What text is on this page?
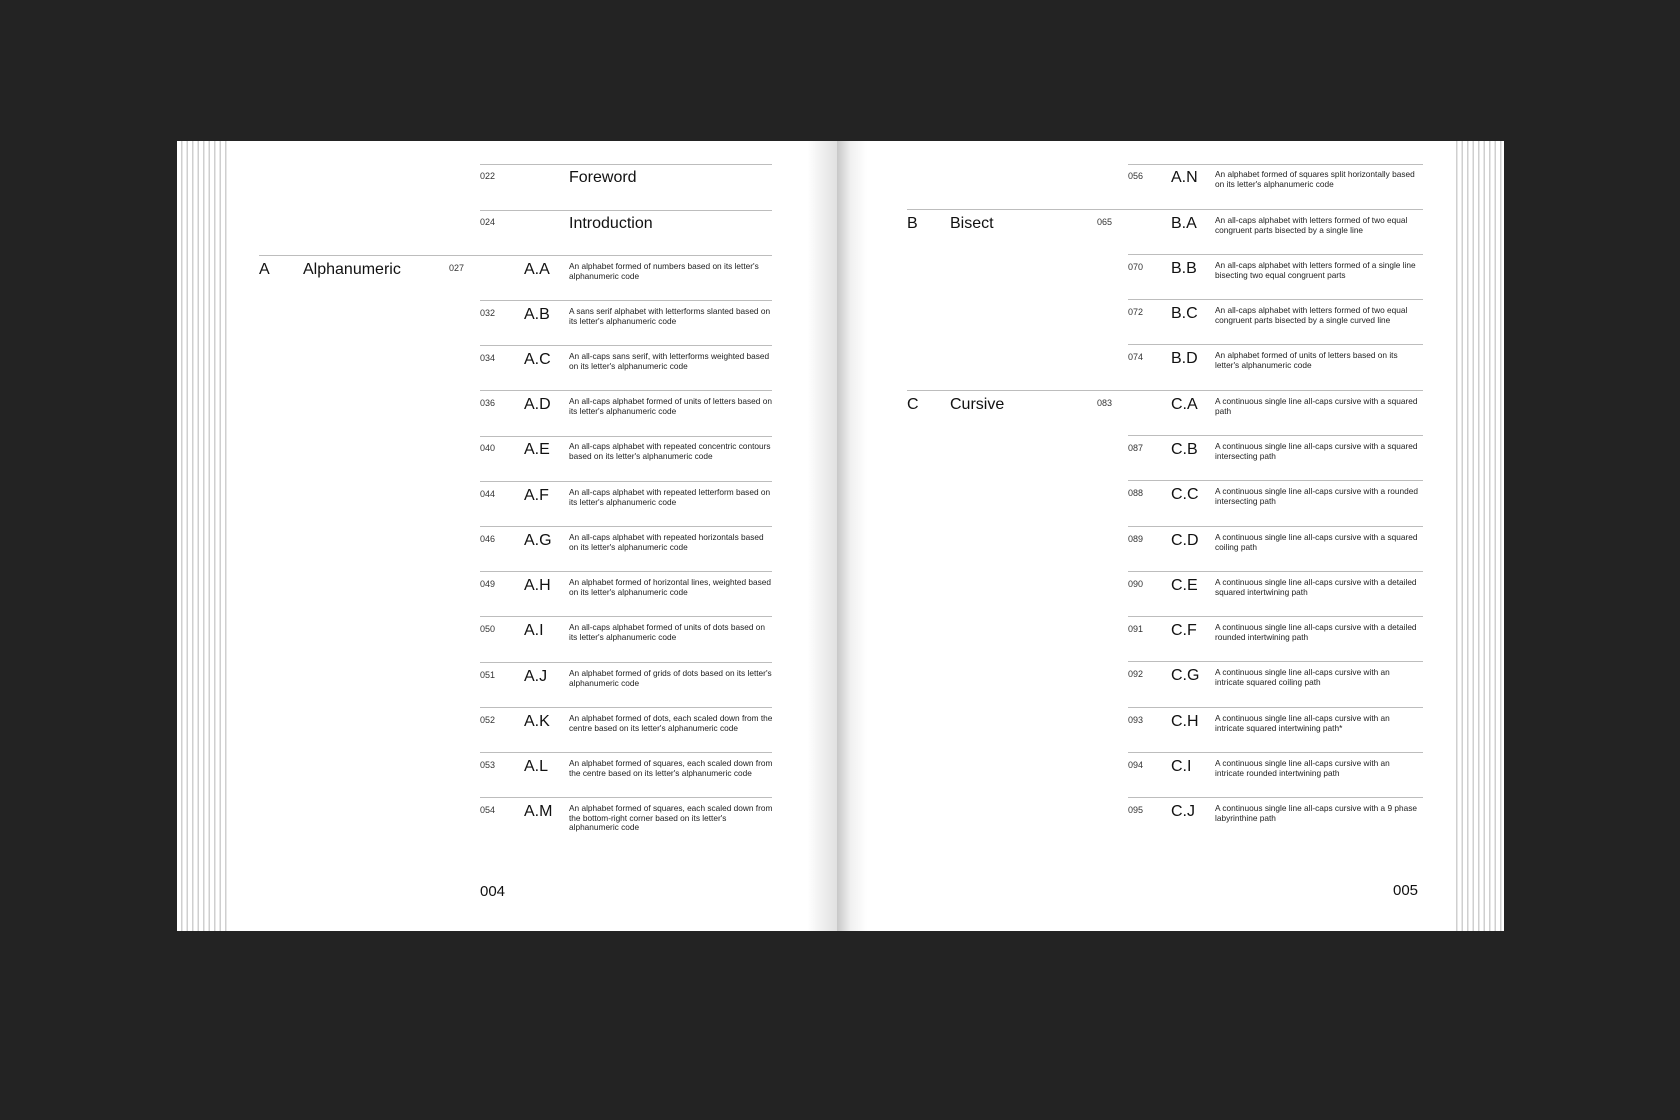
022	Foreword
024	Introduction
A Alphanumeric	027	A.A An alphabet formed of numbers based on its letter's alphanumeric code
032 A.B A sans serif alphabet with letterforms slanted based on its letter's alphanumeric code
034 A.C An all-caps sans serif, with letterforms weighted based on its letter's alphanumeric code
036 A.D An all-caps alphabet formed of units of letters based on its letter's alphanumeric code
040 A.E An all-caps alphabet with repeated concentric contours based on its letter's alphanumeric code
044 A.F An all-caps alphabet with repeated letterform based on its letter's alphanumeric code
046 A.G An all-caps alphabet with repeated horizontals based on its letter's alphanumeric code
049 A.H An alphabet formed of horizontal lines, weighted based on its letter's alphanumeric code
050 A.I	An all-caps alphabet formed of units of dots based on its letter's alphanumeric code
051 A.J	An alphabet formed of grids of dots based on its letter's alphanumeric code
052 A.K An alphabet formed of dots, each scaled down from the centre based on its letter's alphanumeric code
053 A.L	An alphabet formed of squares, each scaled down from the centre based on its letter's alphanumeric code
054 A.M An alphabet formed of squares, each scaled down from the bottom-right corner based on its letter's alphanumeric code
004
056 A.N An alphabet formed of squares split horizontally based on its letter's alphanumeric code
B Bisect	065	B.A An all-caps alphabet with letters formed of two equal congruent parts bisected by a single line
070 B.B An all-caps alphabet with letters formed of a single line bisecting two equal congruent parts
072 B.C An all-caps alphabet with letters formed of two equal congruent parts bisected by a single curved line
074 B.D An alphabet formed of units of letters based on its letter's alphanumeric code
C Cursive	083	C.A A continuous single line all-caps cursive with a squared path
087 C.B A continuous single line all-caps cursive with a squared intersecting path
088 C.C A continuous single line all-caps cursive with a rounded intersecting path
089 C.D A continuous single line all-caps cursive with a squared coiling path
090 C.E A continuous single line all-caps cursive with a detailed squared intertwining path
091 C.F A continuous single line all-caps cursive with a detailed rounded intertwining path
092 C.G A continuous single line all-caps cursive with an intricate squared coiling path
093 C.H A continuous single line all-caps cursive with an intricate squared intertwining path*
094 C.I	A continuous single line all-caps cursive with an intricate rounded intertwining path
095 C.J A continuous single line all-caps cursive with a 9 phase labyrinthine path
005
